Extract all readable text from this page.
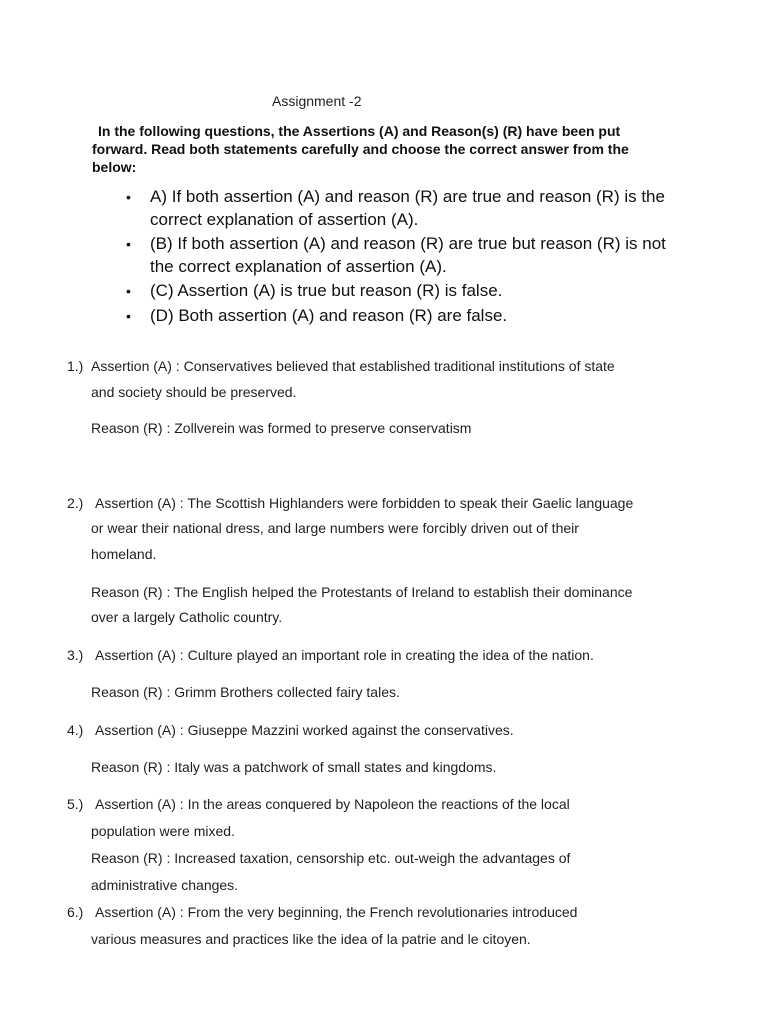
Assignment -2
In the following questions, the Assertions (A) and Reason(s) (R) have been put forward. Read both statements carefully and choose the correct answer from the below:
•	A) If both assertion (A) and reason (R) are true and reason (R) is the correct explanation of assertion (A).
•	(B) If both assertion (A) and reason (R) are true but reason (R) is not the correct explanation of assertion (A).
•	(C) Assertion (A) is true but reason (R) is false.
•	(D) Both assertion (A) and reason (R) are false.
1.) Assertion (A) : Conservatives believed that established traditional institutions of state
and society should be preserved.
Reason (R) : Zollverein was formed to preserve conservatism
2.) Assertion (A) : The Scottish Highlanders were forbidden to speak their Gaelic language
or wear their national dress, and large numbers were forcibly driven out of their
homeland.
Reason (R) : The English helped the Protestants of Ireland to establish their dominance
over a largely Catholic country.
3.) Assertion (A) : Culture played an important role in creating the idea of the nation.
Reason (R) : Grimm Brothers collected fairy tales.
4.) Assertion (A) : Giuseppe Mazzini worked against the conservatives.
Reason (R) : Italy was a patchwork of small states and kingdoms.
5.) Assertion (A) : In the areas conquered by Napoleon the reactions of the local
population were mixed.
Reason (R) : Increased taxation, censorship etc. out-weigh the advantages of
administrative changes.
6.) Assertion (A) : From the very beginning, the French revolutionaries introduced
various measures and practices like the idea of la patrie and le citoyen.
